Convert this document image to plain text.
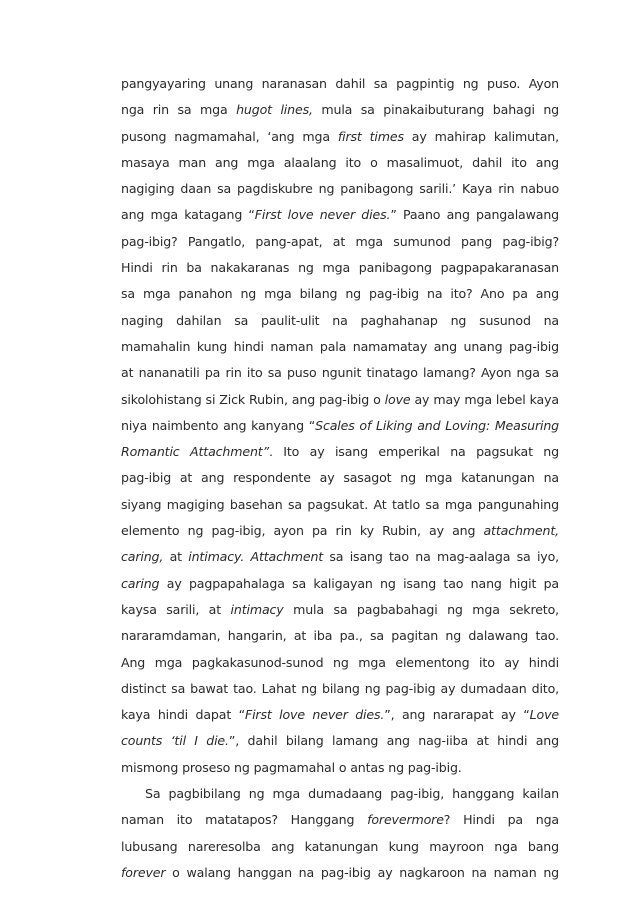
pangyayaring unang naranasan dahil sa pagpintig ng puso. Ayon
nga rin sa mga hugot lines, mula sa pinakaibuturang bahagi ng
pusong nagmamahal, ‘ang mga first times ay mahirap kalimutan,
masaya man ang mga alaalang ito o masalimuot, dahil ito ang
nagiging daan sa pagdiskubre ng panibagong sarili.’ Kaya rin nabuo
ang mga katagang “First love never dies.” Paano ang pangalawang
pag-ibig? Pangatlo, pang-apat, at mga sumunod pang pag-ibig?
Hindi rin ba nakakaranas ng mga panibagong pagpapakaranasan
sa mga panahon ng mga bilang ng pag-ibig na ito? Ano pa ang
naging dahilan sa paulit-ulit na paghahanap ng susunod na
mamahalin kung hindi naman pala namamatay ang unang pag-ibig
at nananatili pa rin ito sa puso ngunit tinatago lamang? Ayon nga sa
sikolohistang si Zick Rubin, ang pag-ibig o love ay may mga lebel kaya
niya naimbento ang kanyang “Scales of Liking and Loving: Measuring
Romantic Attachment”. Ito ay isang emperikal na pagsukat ng
pag-ibig at ang respondente ay sasagot ng mga katanungan na
siyang magiging basehan sa pagsukat. At tatlo sa mga pangunahing
elemento ng pag-ibig, ayon pa rin ky Rubin, ay ang attachment,
caring, at intimacy. Attachment sa isang tao na mag-aalaga sa iyo,
caring ay pagpapahalaga sa kaligayan ng isang tao nang higit pa
kaysa sarili, at intimacy mula sa pagbabahagi ng mga sekreto,
nararamdaman, hangarin, at iba pa., sa pagitan ng dalawang tao.
Ang mga pagkakasunod-sunod ng mga elementong ito ay hindi
distinct sa bawat tao. Lahat ng bilang ng pag-ibig ay dumadaan dito,
kaya hindi dapat “First love never dies.”, ang nararapat ay “Love
counts ‘til I die.”, dahil bilang lamang ang nag-iiba at hindi ang
mismong proseso ng pagmamahal o antas ng pag-ibig.
Sa pagbibilang ng mga dumadaang pag-ibig, hanggang kailan
naman ito matatapos? Hanggang forevermore? Hindi pa nga
lubusang nareresolba ang katanungan kung mayroon nga bang
forever o walang hanggan na pag-ibig ay nagkaroon na naman ng
